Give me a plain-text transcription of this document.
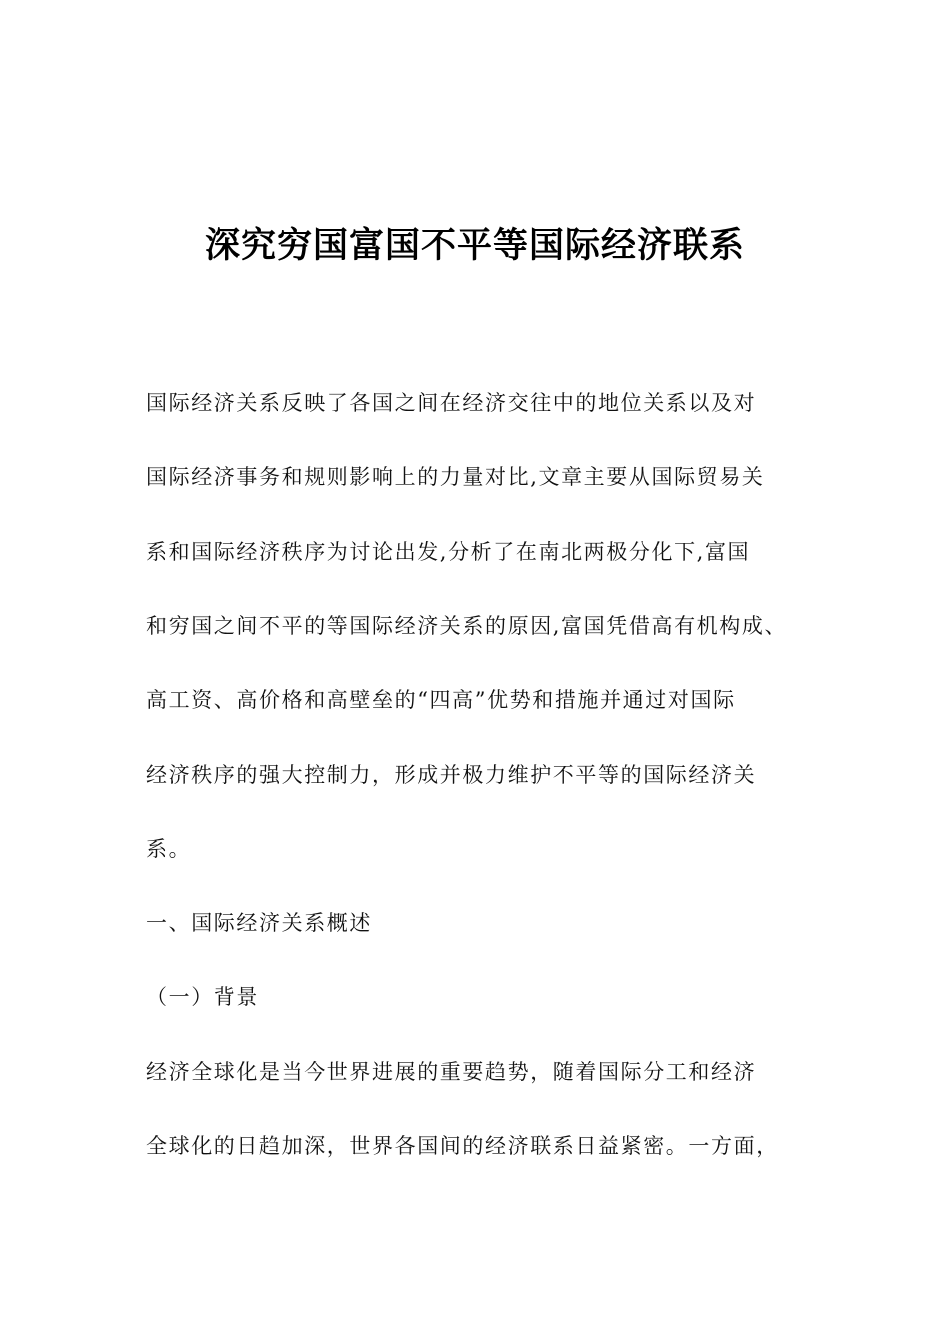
深究穷国富国不平等国际经济联系
国际经济关系反映了各国之间在经济交往中的地位关系以及对
国际经济事务和规则影响上的力量对比,文章主要从国际贸易关
系和国际经济秩序为讨论出发,分析了在南北两极分化下,富国
和穷国之间不平的等国际经济关系的原因,富国凭借高有机构成、
高工资、高价格和高壁垒的“四高”优势和措施并通过对国际
经济秩序的强大控制力，形成并极力维护不平等的国际经济关
系。
一、国际经济关系概述
（一）背景
经济全球化是当今世界进展的重要趋势，随着国际分工和经济
全球化的日趋加深，世界各国间的经济联系日益紧密。一方面，
